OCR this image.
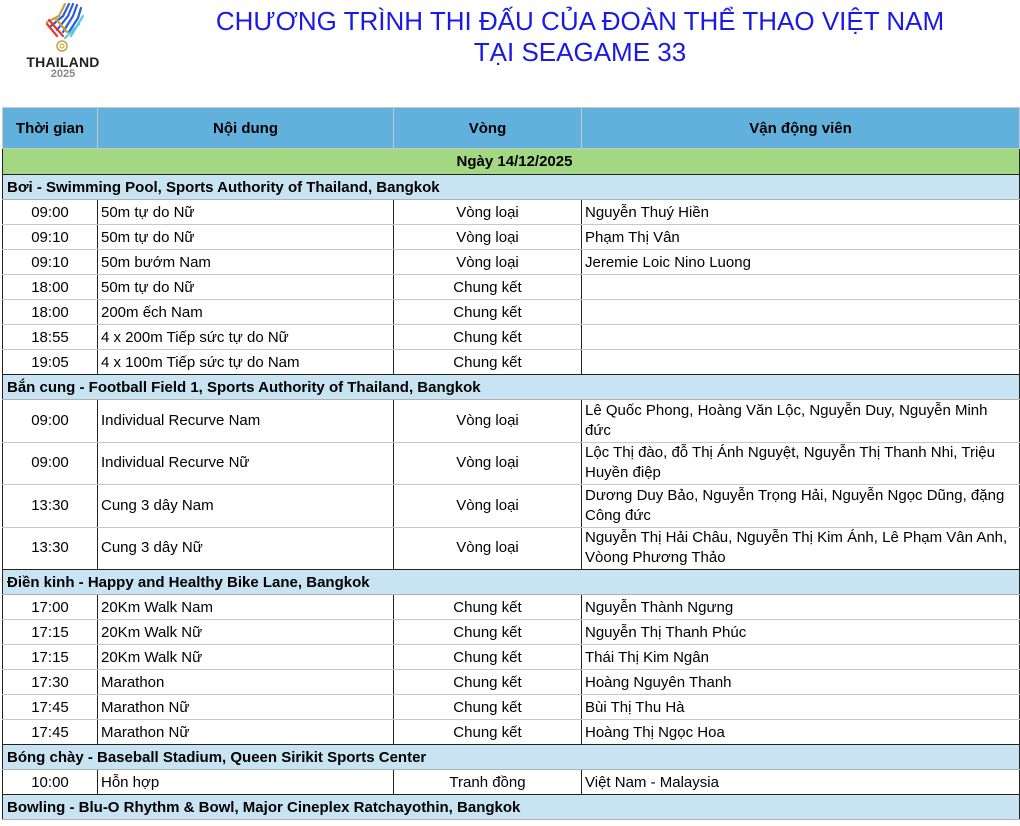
THAILAND
2025
CHƯƠNG TRÌNH THI ĐẤU CỦA ĐOÀN THỂ THAO VIỆT NAM
TẠI SEAGAME 33
Thời gian	Nội dung	Vòng	Vận động viên
Ngày 14/12/2025			
Bơi - Swimming Pool, Sports Authority of Thailand, Bangkok			
09:00	50m tự do Nữ	Vòng loại	Nguyễn Thuý Hiền
09:10	50m tự do Nữ	Vòng loại	Phạm Thị Vân
09:10	50m bướm Nam	Vòng loại	Jeremie Loic Nino Luong
18:00	50m tự do Nữ	Chung kết	
18:00	200m ếch Nam	Chung kết	
18:55	4 x 200m Tiếp sức tự do Nữ	Chung kết	
19:05	4 x 100m Tiếp sức tự do Nam	Chung kết	
Bắn cung - Football Field 1, Sports Authority of Thailand, Bangkok			
09:00	Individual Recurve Nam	Vòng loại	Lê Quốc Phong, Hoàng Văn Lộc, Nguyễn Duy, Nguyễn Minh đức
09:00	Individual Recurve Nữ	Vòng loại	Lộc Thị đào, đỗ Thị Ánh Nguyệt, Nguyễn Thị Thanh Nhi, Triệu Huyền điệp
13:30	Cung 3 dây Nam	Vòng loại	Dương Duy Bảo, Nguyễn Trọng Hải, Nguyễn Ngọc Dũng, đặng Công đức
13:30	Cung 3 dây Nữ	Vòng loại	Nguyễn Thị Hải Châu, Nguyễn Thị Kim Ánh, Lê Phạm Vân Anh, Vòong Phương Thảo
Điền kinh - Happy and Healthy Bike Lane, Bangkok			
17:00	20Km Walk Nam	Chung kết	Nguyễn Thành Ngưng
17:15	20Km Walk Nữ	Chung kết	Nguyễn Thị Thanh Phúc
17:15	20Km Walk Nữ	Chung kết	Thái Thị Kim Ngân
17:30	Marathon	Chung kết	Hoàng Nguyên Thanh
17:45	Marathon Nữ	Chung kết	Bùi Thị Thu Hà
17:45	Marathon Nữ	Chung kết	Hoàng Thị Ngọc Hoa
Bóng chày - Baseball Stadium, Queen Sirikit Sports Center			
10:00	Hỗn hợp	Tranh đồng	Việt Nam - Malaysia
Bowling - Blu-O Rhythm & Bowl, Major Cineplex Ratchayothin, Bangkok			
